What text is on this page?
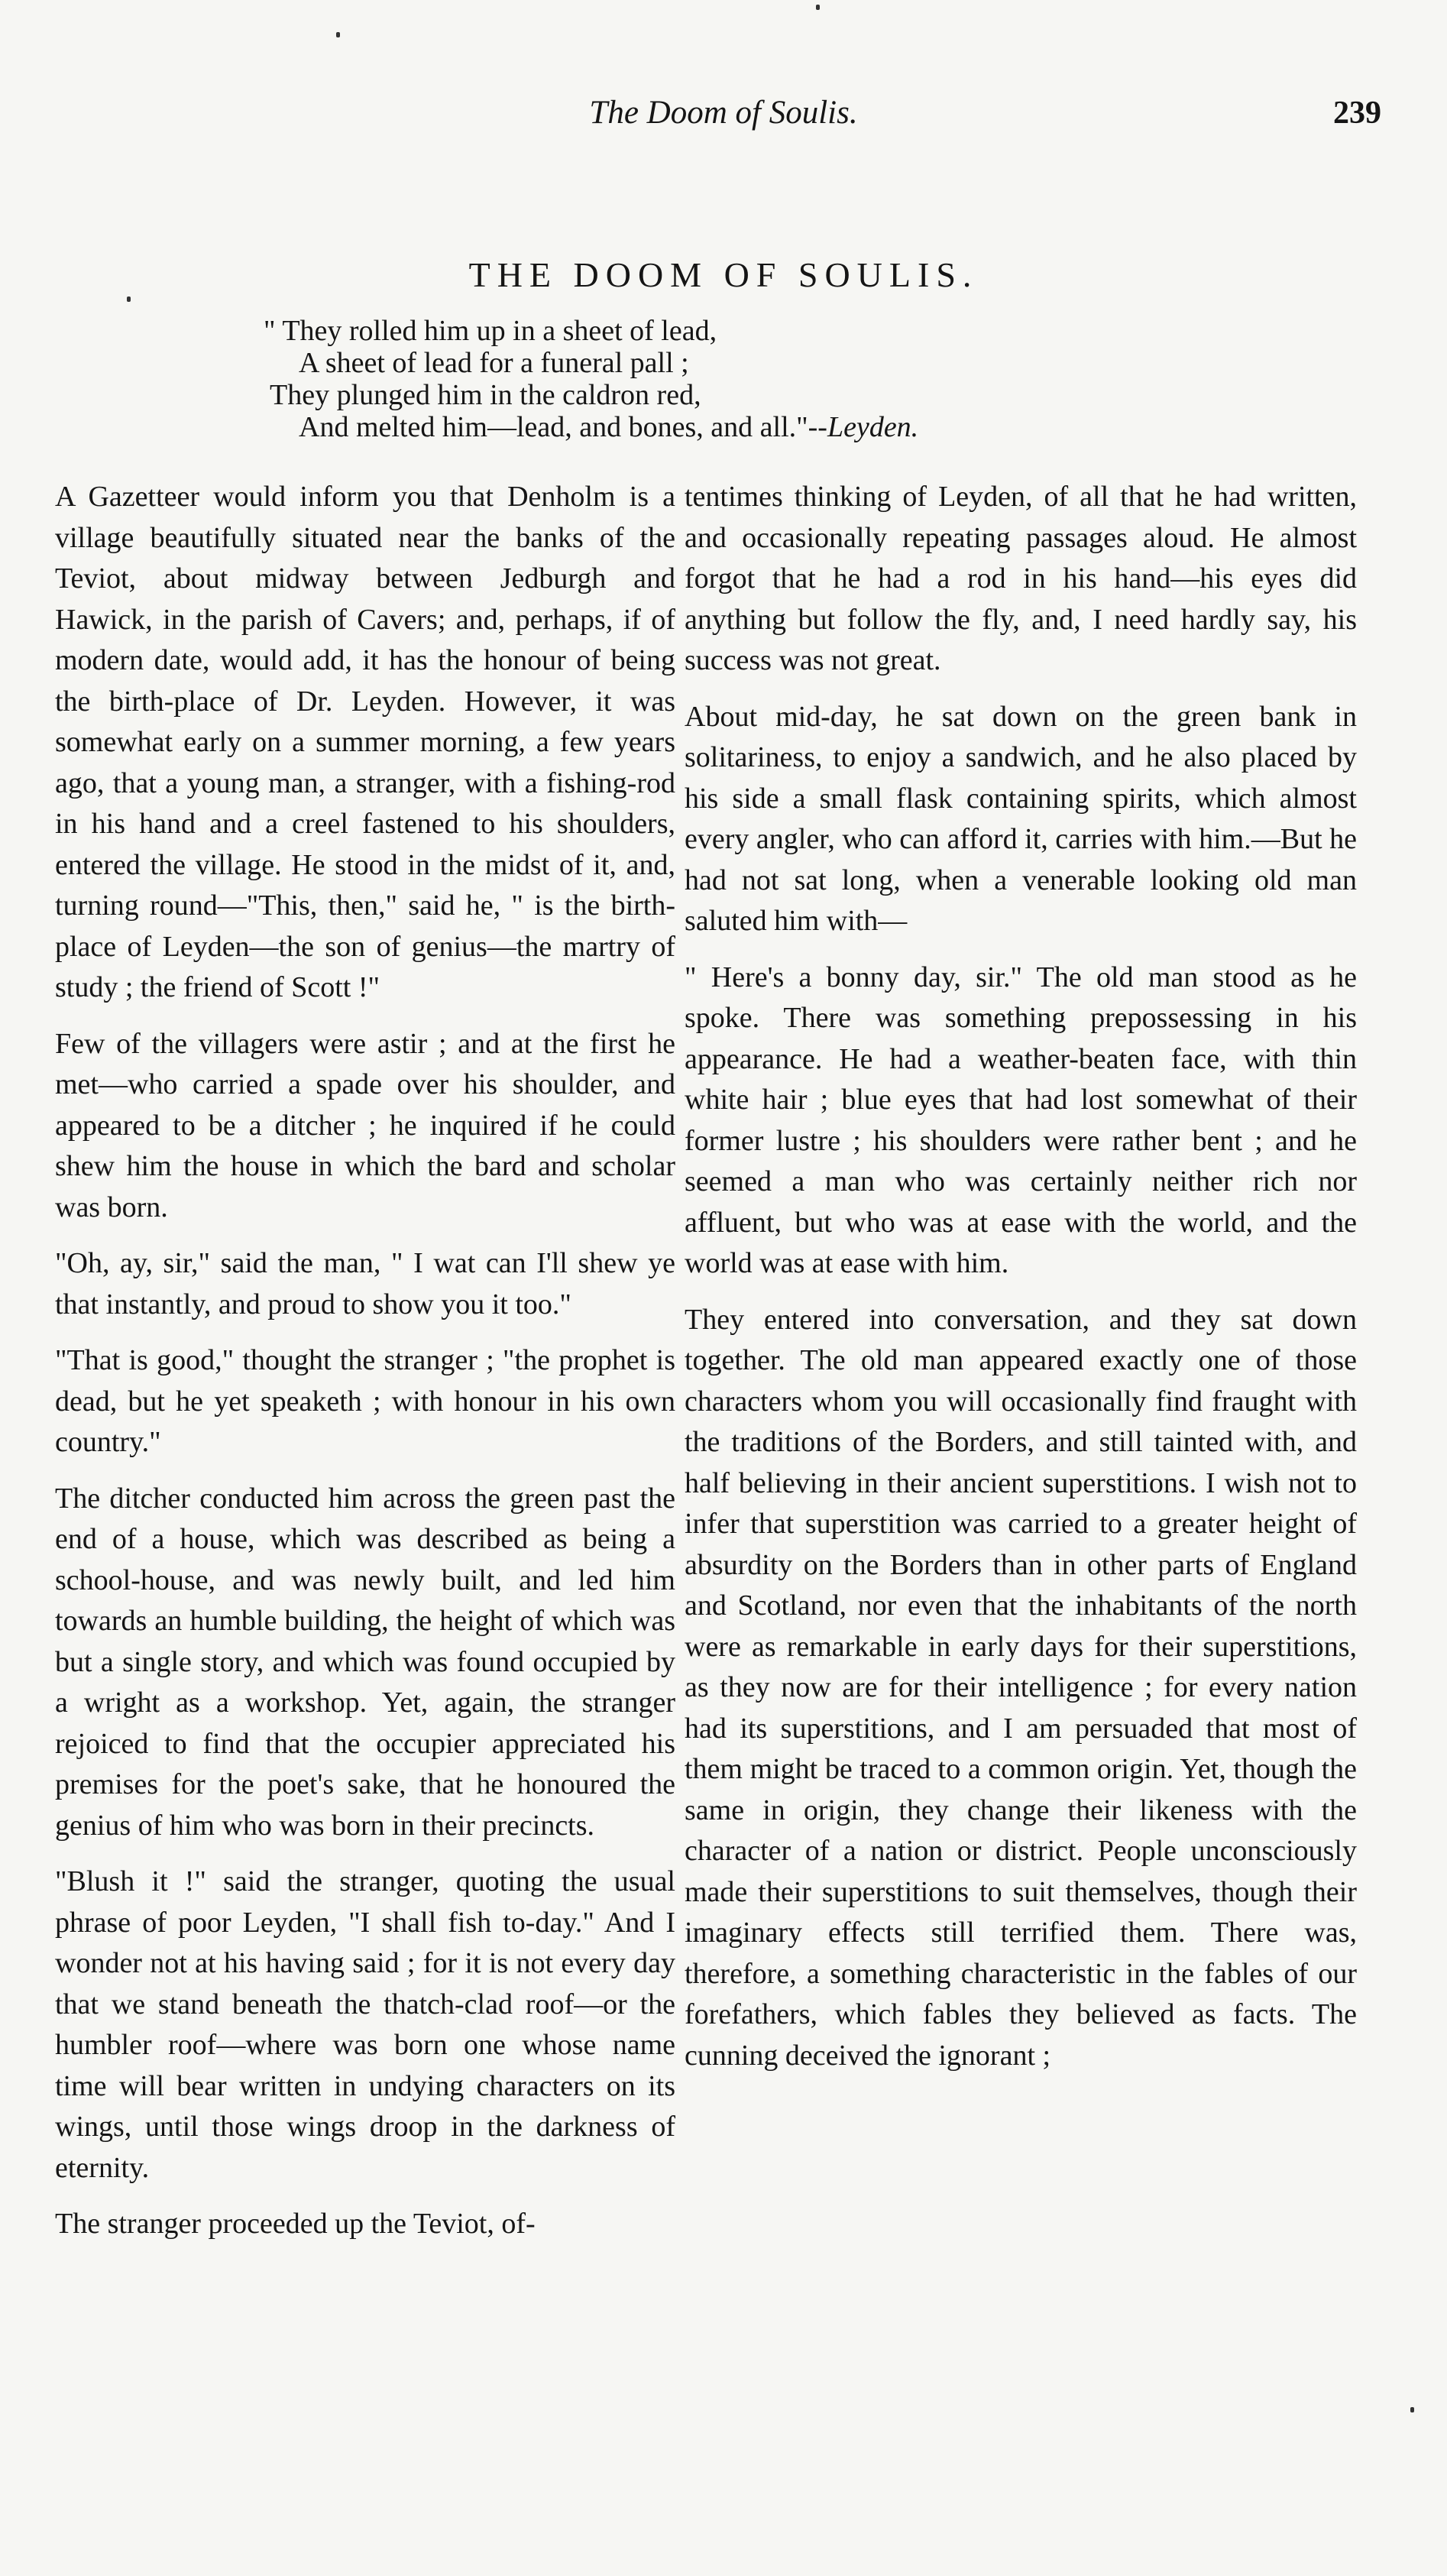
The Doom of Soulis.	239
THE DOOM OF SOULIS.
" They rolled him up in a sheet of lead,
A sheet of lead for a funeral pall ;
They plunged him in the caldron red,
And melted him—lead, and bones, and all."--Leyden.

A Gazetteer would inform you that Denholm is a village beautifully situated near the banks of the Teviot, about midway between Jedburgh and Hawick, in the parish of Cavers; and, perhaps, if of modern date, would add, it has the honour of being the birth-place of Dr. Leyden. However, it was somewhat early on a summer morning, a few years ago, that a young man, a stranger, with a fishing-rod in his hand and a creel fastened to his shoulders, entered the village. He stood in the midst of it, and, turning round—"This, then," said he, " is the birth-place of Leyden—the son of genius—the martry of study ; the friend of Scott !"

Few of the villagers were astir ; and at the first he met—who carried a spade over his shoulder, and appeared to be a ditcher ; he inquired if he could shew him the house in which the bard and scholar was born.

"Oh, ay, sir," said the man, " I wat can I'll shew ye that instantly, and proud to show you it too."

"That is good," thought the stranger ; "the prophet is dead, but he yet speaketh ; with honour in his own country."

The ditcher conducted him across the green past the end of a house, which was described as being a school-house, and was newly built, and led him towards an humble building, the height of which was but a single story, and which was found occupied by a wright as a workshop. Yet, again, the stranger rejoiced to find that the occupier appreciated his premises for the poet's sake, that he honoured the genius of him who was born in their precincts.

"Blush it !" said the stranger, quoting the usual phrase of poor Leyden, "I shall fish to-day." And I wonder not at his having said ; for it is not every day that we stand beneath the thatch-clad roof—or the humbler roof—where was born one whose name time will bear written in undying characters on its wings, until those wings droop in the darkness of eternity.

The stranger proceeded up the Teviot, of-

tentimes thinking of Leyden, of all that he had written, and occasionally repeating passages aloud. He almost forgot that he had a rod in his hand—his eyes did anything but follow the fly, and, I need hardly say, his success was not great.

About mid-day, he sat down on the green bank in solitariness, to enjoy a sandwich, and he also placed by his side a small flask containing spirits, which almost every angler, who can afford it, carries with him.—But he had not sat long, when a venerable looking old man saluted him with—

" Here's a bonny day, sir." The old man stood as he spoke. There was something prepossessing in his appearance. He had a weather-beaten face, with thin white hair ; blue eyes that had lost somewhat of their former lustre ; his shoulders were rather bent ; and he seemed a man who was certainly neither rich nor affluent, but who was at ease with the world, and the world was at ease with him.

They entered into conversation, and they sat down together. The old man appeared exactly one of those characters whom you will occasionally find fraught with the traditions of the Borders, and still tainted with, and half believing in their ancient superstitions. I wish not to infer that superstition was carried to a greater height of absurdity on the Borders than in other parts of England and Scotland, nor even that the inhabitants of the north were as remarkable in early days for their superstitions, as they now are for their intelligence ; for every nation had its superstitions, and I am persuaded that most of them might be traced to a common origin. Yet, though the same in origin, they change their likeness with the character of a nation or district. People unconsciously made their superstitions to suit themselves, though their imaginary effects still terrified them. There was, therefore, a something characteristic in the fables of our forefathers, which fables they believed as facts. The cunning deceived the ignorant ;
